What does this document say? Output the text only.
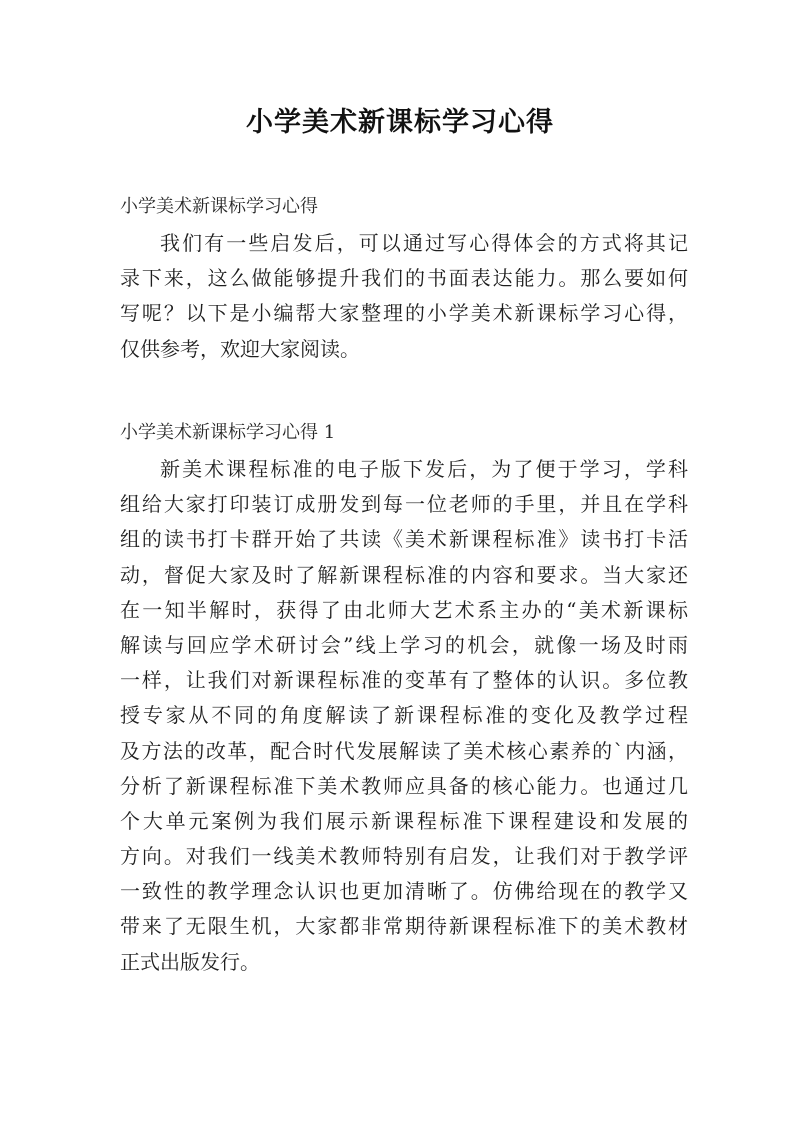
小学美术新课标学习心得
小学美术新课标学习心得
我们有一些启发后，可以通过写心得体会的方式将其记
录下来，这么做能够提升我们的书面表达能力。那么要如何
写呢？以下是小编帮大家整理的小学美术新课标学习心得，
仅供参考，欢迎大家阅读。
小学美术新课标学习心得 1
新美术课程标准的电子版下发后，为了便于学习，学科
组给大家打印装订成册发到每一位老师的手里，并且在学科
组的读书打卡群开始了共读《美术新课程标准》读书打卡活
动，督促大家及时了解新课程标准的内容和要求。当大家还
在一知半解时，获得了由北师大艺术系主办的“美术新课标
解读与回应学术研讨会”线上学习的机会，就像一场及时雨
一样，让我们对新课程标准的变革有了整体的认识。多位教
授专家从不同的角度解读了新课程标准的变化及教学过程
及方法的改革，配合时代发展解读了美术核心素养的`内涵，
分析了新课程标准下美术教师应具备的核心能力。也通过几
个大单元案例为我们展示新课程标准下课程建设和发展的
方向。对我们一线美术教师特别有启发，让我们对于教学评
一致性的教学理念认识也更加清晰了。仿佛给现在的教学又
带来了无限生机，大家都非常期待新课程标准下的美术教材
正式出版发行。
